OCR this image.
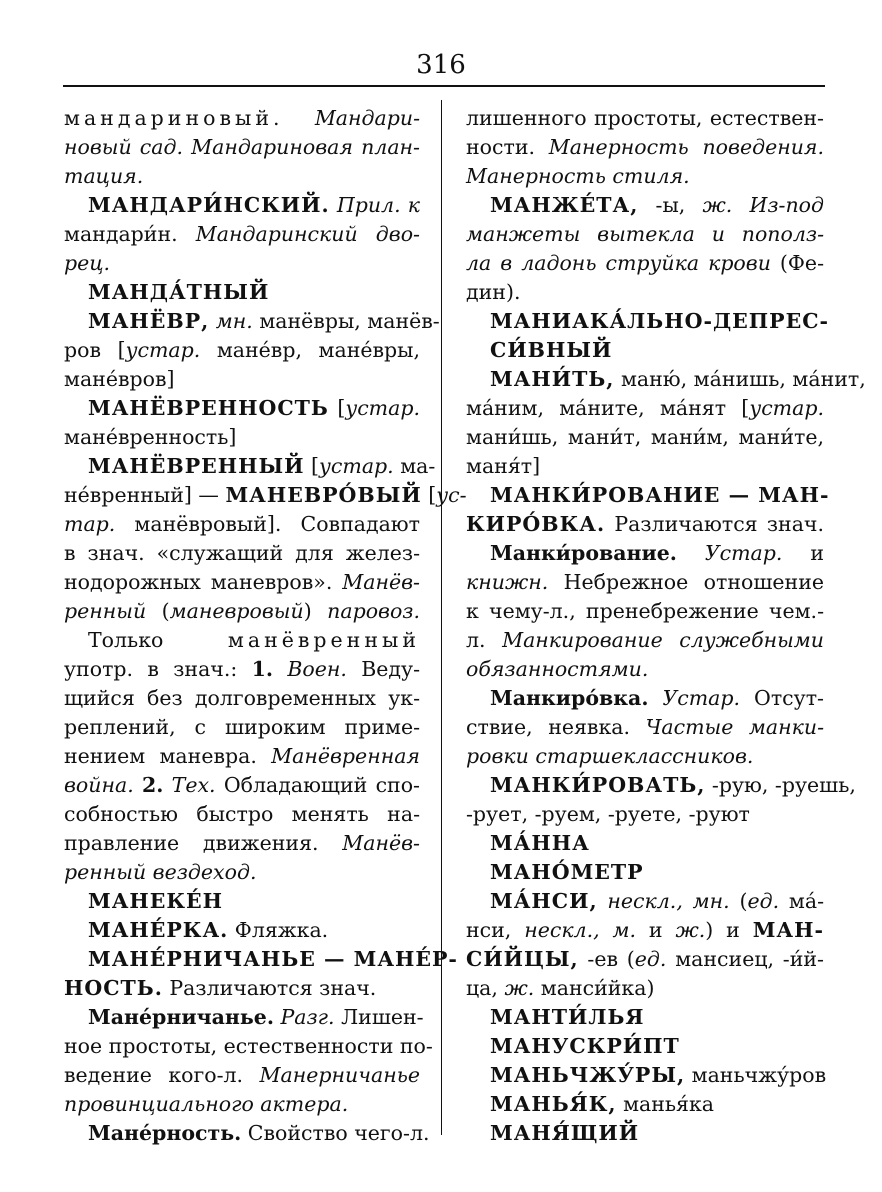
316
мандариновый. Мандари-
новый сад. Мандариновая план-
тация.
МАНДАРИ́НСКИЙ. Прил. к
мандари́н. Мандаринский дво-
рец.
МАНДА́ТНЫЙ
МАНЁВР, мн. манёвры, манёв-
ров [устар. мане́вр, мане́вры,
мане́вров]
МАНЁВРЕННОСТЬ [устар.
мане́вренность]
МАНЁВРЕННЫЙ [устар. ма-
не́вренный] — МАНЕВРО́ВЫЙ [ус-
тар. манёвровый]. Совпадают
в знач. «служащий для желез-
нодорожных маневров». Манёв-
ренный (маневровый) паровоз.
Только манёвренный
употр. в знач.: 1. Воен. Веду-
щийся без долговременных ук-
реплений, с широким приме-
нением маневра. Манёвренная
война. 2. Тех. Обладающий спо-
собностью быстро менять на-
правление движения. Манёв-
ренный вездеход.
МАНЕКЕ́Н
МАНЕ́РКА. Фляжка.
МАНЕ́РНИЧАНЬЕ — МАНЕ́Р-
НОСТЬ. Различаются знач.
Мане́рничанье. Разг. Лишен-
ное простоты, естественности по-
ведение кого-л. Манерничанье
провинциального актера.
Мане́рность. Свойство чего-л.
лишенного простоты, естествен-
ности. Манерность поведения.
Манерность стиля.
МАНЖЕ́ТА, -ы, ж. Из-под
манжеты вытекла и пополз-
ла в ладонь струйка крови (Фе-
дин).
МАНИАКА́ЛЬНО-ДЕПРЕС-
СИ́ВНЫЙ
МАНИ́ТЬ, маню́, ма́нишь, ма́нит,
ма́ним, ма́ните, ма́нят [устар.
мани́шь, мани́т, мани́м, мани́те,
маня́т]
МАНКИ́РОВАНИЕ — МАН-
КИРО́ВКА. Различаются знач.
Манки́рование. Устар. и
книжн. Небрежное отношение
к чему-л., пренебрежение чем.-
л. Манкирование служебными
обязанностями.
Манкиро́вка. Устар. Отсут-
ствие, неявка. Частые манки-
ровки старшеклассников.
МАНКИ́РОВАТЬ, -рую, -руешь,
-рует, -руем, -руете, -руют
МА́ННА
МАНО́МЕТР
МА́НСИ, нескл., мн. (ед. ма́-
нси, нескл., м. и ж.) и МАН-
СИ́ЙЦЫ, -ев (ед. мансиец, -и́й-
ца, ж. манси́йка)
МАНТИ́ЛЬЯ
МАНУСКРИ́ПТ
МАНЬЧЖУ́РЫ, маньчжу́ров
МАНЬЯ́К, манья́ка
МАНЯ́ЩИЙ
